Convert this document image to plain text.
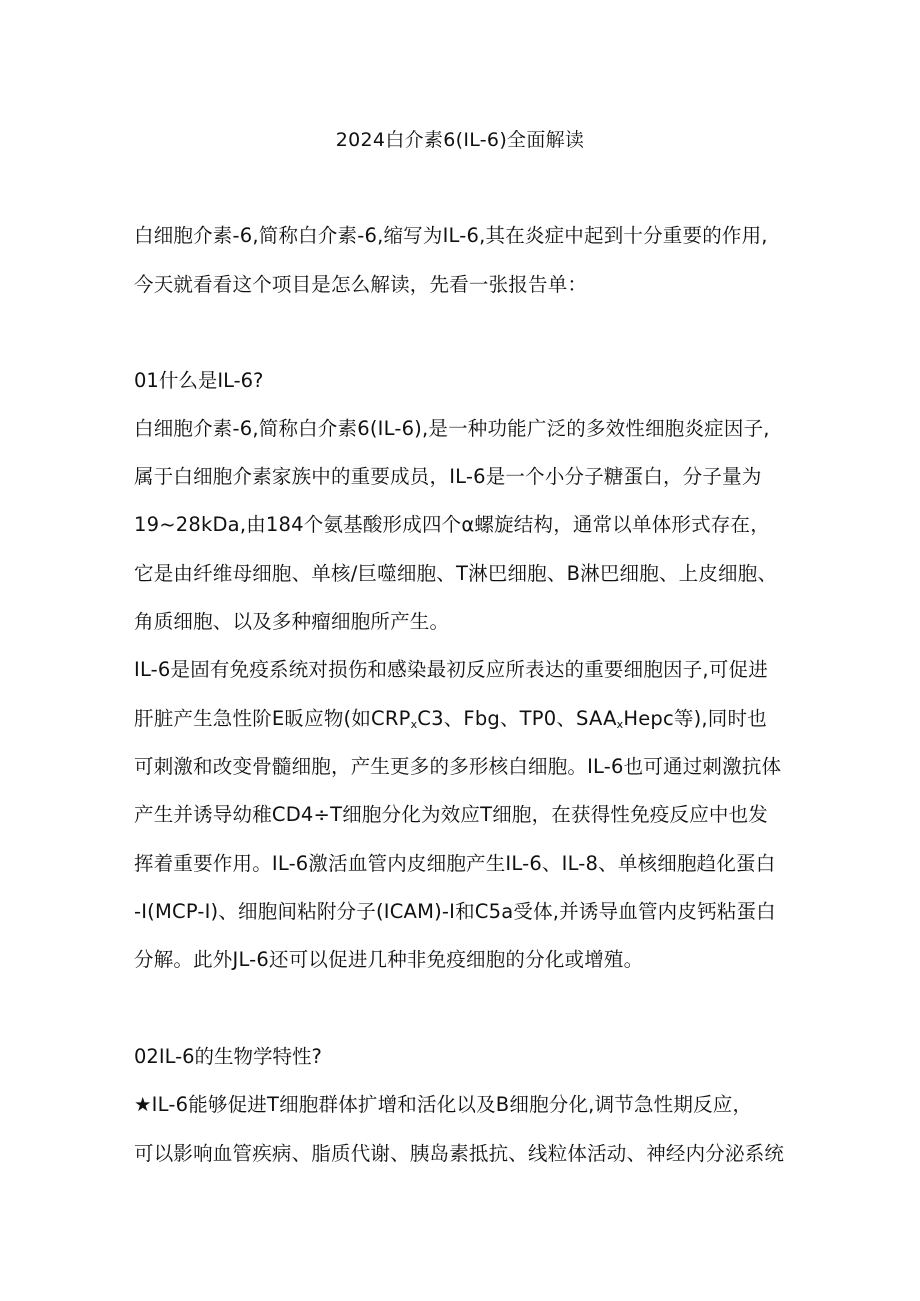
2024白介素6(IL-6)全面解读
白细胞介素-6,简称白介素-6,缩写为IL-6,其在炎症中起到十分重要的作用,
今天就看看这个项目是怎么解读，先看一张报告单：
01什么是IL-6?
白细胞介素-6,简称白介素6(IL-6),是一种功能广泛的多效性细胞炎症因子,
属于白细胞介素家族中的重要成员，IL-6是一个小分子糖蛋白，分子量为
19~28kDa,由184个氨基酸形成四个α螺旋结构，通常以单体形式存在，
它是由纤维母细胞、单核/巨噬细胞、T淋巴细胞、B淋巴细胞、上皮细胞、
角质细胞、以及多种瘤细胞所产生。
IL-6是固有免疫系统对损伤和感染最初反应所表达的重要细胞因子,可促进
肝脏产生急性阶E昄应物(如$CRP_xC3$、Fbg、TP0、$SAA_xHepc$等),同时也
可刺激和改变骨髓细胞，产生更多的多形核白细胞。IL-6也可通过刺激抗体
产生并诱导幼稚CD4÷T细胞分化为效应T细胞，在获得性免疫反应中也发
挥着重要作用。IL-6激活血管内皮细胞产生IL-6、IL-8、单核细胞趋化蛋白
-I(MCP-I)、细胞间粘附分子(ICAM)-I和C5a受体,并诱导血管内皮钙粘蛋白
分解。此外JL-6还可以促进几种非免疫细胞的分化或增殖。
02IL-6的生物学特性?
★IL-6能够促进T细胞群体扩增和活化以及B细胞分化,调节急性期反应，
可以影响血管疾病、脂质代谢、胰岛素抵抗、线粒体活动、神经内分泌系统
